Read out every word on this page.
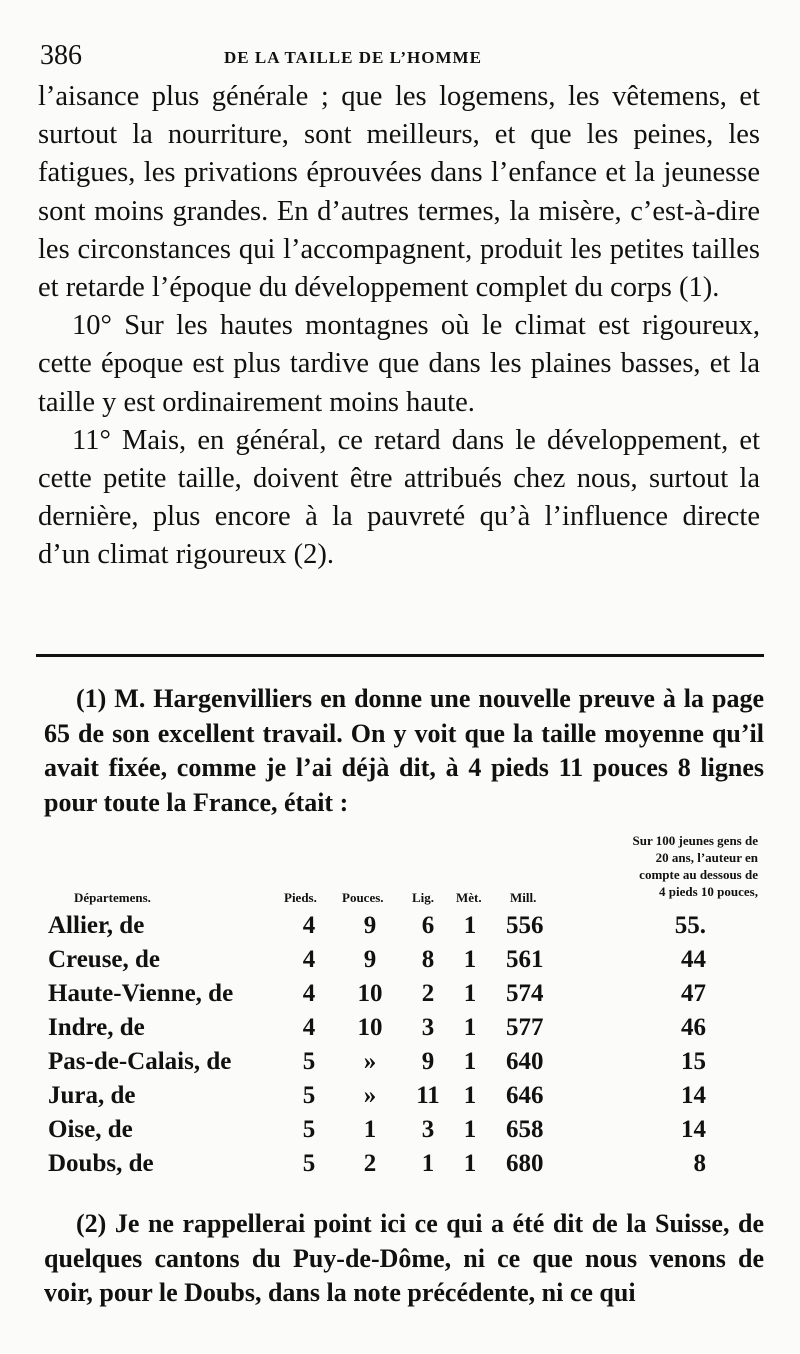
386	DE LA TAILLE DE L’HOMME

l’aisance plus générale ; que les logemens, les vêtemens, et surtout la nourriture, sont meilleurs, et que les peines, les fatigues, les privations éprouvées dans l’enfance et la jeunesse sont moins grandes. En d’autres termes, la misère, c’est-à-dire les circonstances qui l’accompagnent, produit les petites tailles et retarde l’époque du développement complet du corps (1).

10° Sur les hautes montagnes où le climat est rigoureux, cette époque est plus tardive que dans les plaines basses, et la taille y est ordinairement moins haute.

11° Mais, en général, ce retard dans le développement, et cette petite taille, doivent être attribués chez nous, surtout la dernière, plus encore à la pauvreté qu’à l’influence directe d’un climat rigoureux (2).

(1) M. Hargenvilliers en donne une nouvelle preuve à la page 65 de son excellent travail. On y voit que la taille moyenne qu’il avait fixée, comme je l’ai déjà dit, à 4 pieds 11 pouces 8 lignes pour toute la France, était :

Départemens.	Pieds. Pouces. Lig. Mèt. Mill.
Sur 100 jeunes gens de
20 ans, l’auteur en
compte au dessous de
4 pieds 10 pouces,
Allier, de	4	9	6	1 556	55.
Creuse, de	4	9	8	1 561	44
Haute-Vienne, de	4	10	2	1 574	47
Indre, de	4	10	3	1 577	46
Pas-de-Calais, de	5	»	9	1 640	15
Jura, de	5	»	11 1 646	14
Oise, de	5	1	3	1 658	14
Doubs, de	5	2	1	1 680	8

(2) Je ne rappellerai point ici ce qui a été dit de la Suisse, de quelques cantons du Puy-de-Dôme, ni ce que nous venons de voir, pour le Doubs, dans la note précédente, ni ce qui
